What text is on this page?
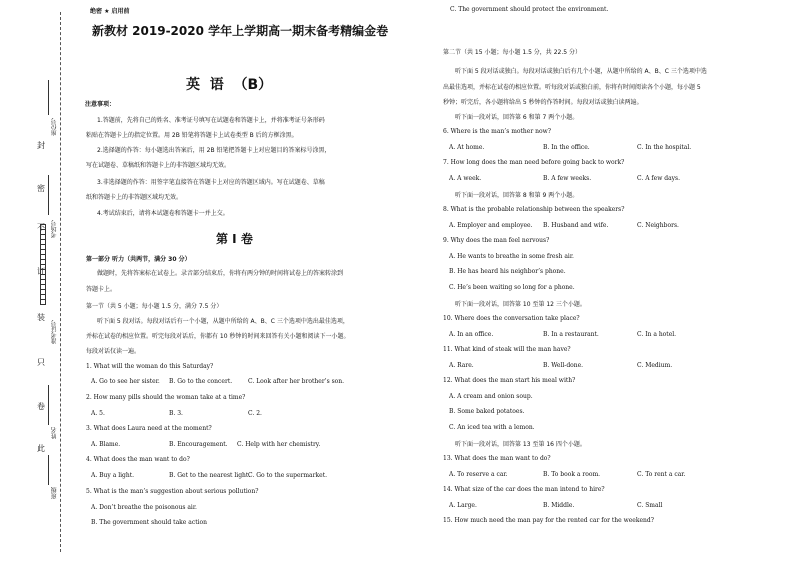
封
密
不
订
装
只
卷
此
班级
姓名
准考证号
考场号
座位号
绝密 ★ 启用前
新教材 2019-2020 学年上学期高一期末备考精编金卷
英  语  （B）
注意事项：
1.答题前，先将自己的姓名、准考证号填写在试题卷和答题卡上，并将准考证号条形码
粘贴在答题卡上的指定位置。用 2B 铅笔将答题卡上试卷类型 B 后的方框涂黑。
2.选择题的作答：每小题选出答案后，用 2B 铅笔把答题卡上对应题目的答案标号涂黑，
写在试题卷、草稿纸和答题卡上的非答题区域均无效。
3.非选择题的作答：用签字笔直接答在答题卡上对应的答题区域内。写在试题卷、草稿
纸和答题卡上的非答题区域均无效。
4.考试结束后，请将本试题卷和答题卡一并上交。
第 I 卷
第一部分 听力（共两节，满分 30 分）
做题时，先将答案标在试卷上。录音部分结束后，你将有两分钟的时间将试卷上的答案转涂到
答题卡上。
第一节（共 5 小题；每小题 1.5 分，满分 7.5 分）
听下面 5 段对话。每段对话后有一个小题，从题中所给的 A、B、C 三个选项中选出最佳选项，
并标在试卷的相应位置。听完每段对话后，你都有 10 秒钟的时间来回答有关小题和阅读下一小题。
每段对话仅读一遍。
1. What will the woman do this Saturday?
A. Go to see her sister. B. Go to the concert.	C. Look after her brother’s son.
2. How many pills should the woman take at a time?
A. 5.	B. 3.	C. 2.
3. What does Laura need at the moment?
A. Blame.	B. Encouragement. C. Help with her chemistry.
4. What does the man want to do?
A. Buy a light.	B. Get to the nearest light.
C. Go to the supermarket.
5. What is the man’s suggestion about serious pollution?
A. Don’t breathe the poisonous air.
B. The government should take action
C. The government should protect the environment.
第二节（共 15 小题；每小题 1.5 分，共 22.5 分）
听下面 5 段对话或独白。每段对话或独白后有几个小题，从题中所给的 A、B、C 三个选项中选
出最佳选项，并标在试卷的相应位置。听每段对话或独白前，你将有时间阅读各个小题，每小题 5
秒钟；听完后，各小题将给出 5 秒钟的作答时间。每段对话或独白读两遍。
听下面一段对话，回答第 6 和第 7 两个小题。
6. Where is the man’s mother now?
A. At home.	B. In the office.	C. In the hospital.
7. How long does the man need before going back to work?
A. A week.	B. A few weeks.	C. A few days.
听下面一段对话，回答第 8 和第 9 两个小题。
8. What is the probable relationship between the speakers?
A. Employer and employee. B. Husband and wife.	C. Neighbors.
9. Why does the man feel nervous?
A. He wants to breathe in some fresh air.
B. He has heard his neighbor’s phone.
C. He’s been waiting so long for a phone.
听下面一段对话，回答第 10 至第 12 三个小题。
10. Where does the conversation take place?
A. In an office.	B. In a restaurant.	C. In a hotel.
11. What kind of steak will the man have?
A. Rare.	B. Well-done.	C. Medium.
12. What does the man start his meal with?
A. A cream and onion soup.
B. Some baked potatoes.
C. An iced tea with a lemon.
听下面一段对话，回答第 13 至第 16 四个小题。
13. What does the man want to do?
A. To reserve a car.	B. To book a room.	C. To rent a car.
14. What size of the car does the man intend to hire?
A. Large.	B. Middle.	C. Small
15. How much need the man pay for the rented car for the weekend?
